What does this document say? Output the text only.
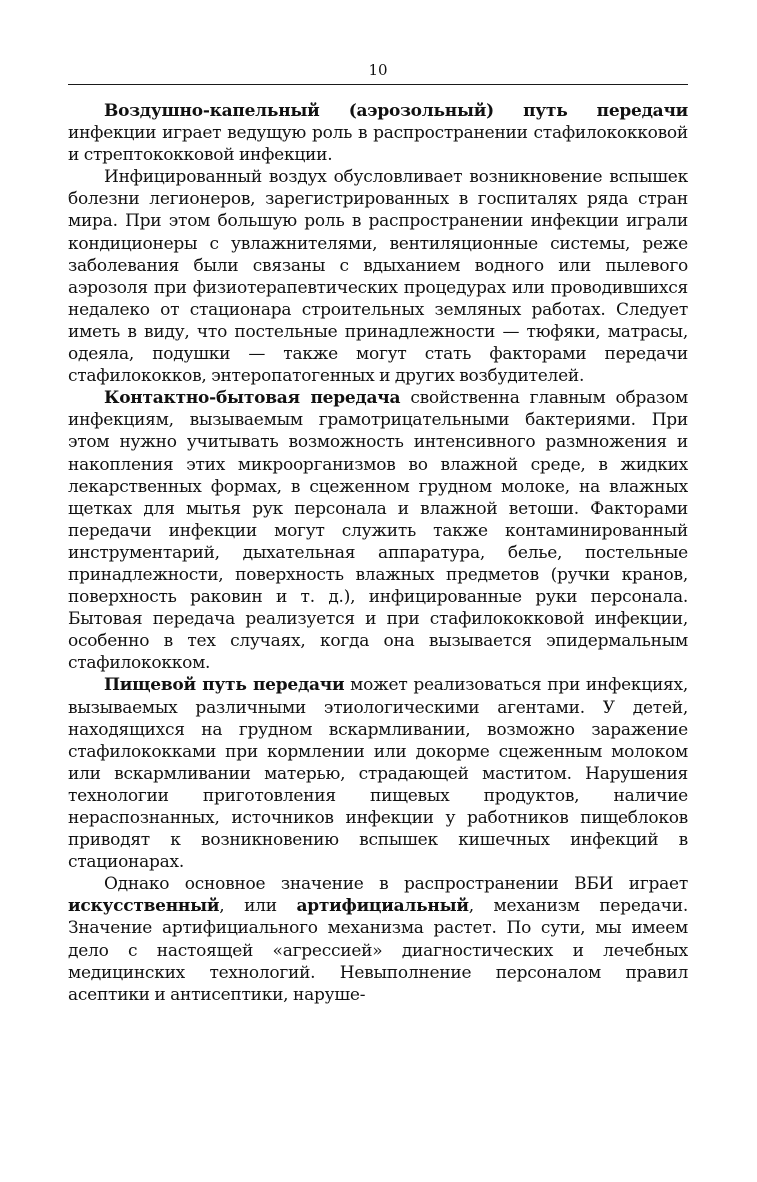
10

Воздушно-капельный (аэрозольный) путь передачи инфекции играет ведущую роль в распространении стафилококковой и стрептококковой инфекции.

Инфицированный воздух обусловливает возникновение вспышек болезни легионеров, зарегистрированных в госпиталях ряда стран мира. При этом большую роль в распространении инфекции играли кондиционеры с увлажнителями, вентиляционные системы, реже заболевания были связаны с вдыханием водного или пылевого аэрозоля при физиотерапевтических процедурах или проводившихся недалеко от стационара строительных земляных работах. Следует иметь в виду, что постельные принадлежности — тюфяки, матрасы, одеяла, подушки — также могут стать факторами передачи стафилококков, энтеропатогенных и других возбудителей.

Контактно-бытовая передача свойственна главным образом инфекциям, вызываемым грамотрицательными бактериями. При этом нужно учитывать возможность интенсивного размножения и накопления этих микроорганизмов во влажной среде, в жидких лекарственных формах, в сцеженном грудном молоке, на влажных щетках для мытья рук персонала и влажной ветоши. Факторами передачи инфекции могут служить также контаминированный инструментарий, дыхательная аппаратура, белье, постельные принадлежности, поверхность влажных предметов (ручки кранов, поверхность раковин и т. д.), инфицированные руки персонала. Бытовая передача реализуется и при стафилококковой инфекции, особенно в тех случаях, когда она вызывается эпидермальным стафилококком.

Пищевой путь передачи может реализоваться при инфекциях, вызываемых различными этиологическими агентами. У детей, находящихся на грудном вскармливании, возможно заражение стафилококками при кормлении или докорме сцеженным молоком или вскармливании матерью, страдающей маститом. Нарушения технологии приготовления пищевых продуктов, наличие нераспознанных, источников инфекции у работников пищеблоков приводят к возникновению вспышек кишечных инфекций в стационарах.

Однако основное значение в распространении ВБИ играет искусственный, или артифициальный, механизм передачи. Значение артифициального механизма растет. По сути, мы имеем дело с настоящей «агрессией» диагностических и лечебных медицинских технологий. Невыполнение персоналом правил асептики и антисептики, наруше-
